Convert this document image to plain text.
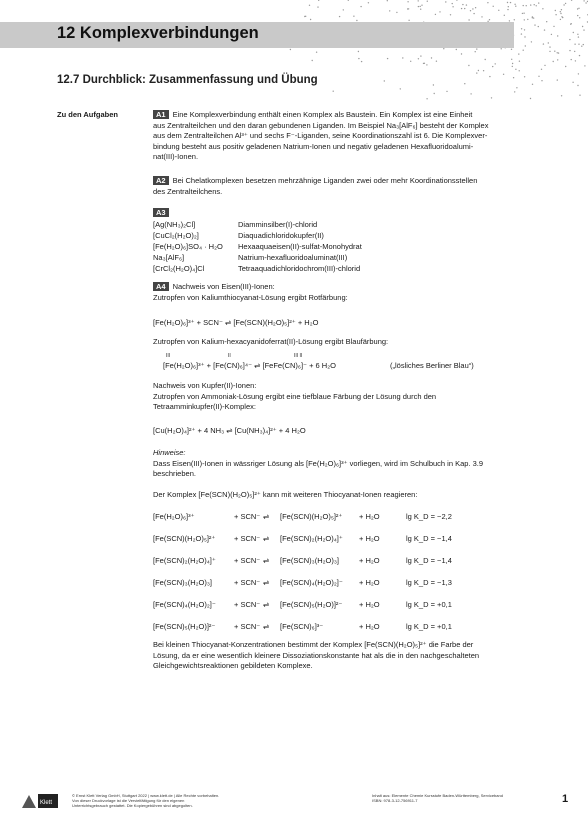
12 Komplexverbindungen
12.7 Durchblick: Zusammenfassung und Übung
Zu den Aufgaben	A1 Eine Komplexverbindung enthält einen Komplex als Baustein. Ein Komplex ist eine Einheit
aus Zentralteilchen und den daran gebundenen Liganden. Im Beispiel Na₃[AlF₆] besteht der Komplex
aus dem Zentralteilchen Al³⁺ und sechs F⁻-Liganden, seine Koordinationszahl ist 6. Die Komplexver-
bindung besteht aus positiv geladenen Natrium-Ionen und negativ geladenen Hexafluoridoalumi-
nat(III)-Ionen.
A2 Bei Chelatkomplexen besetzen mehrzähnige Liganden zwei oder mehr Koordinationsstellen
des Zentralteilchens.
A3
[Ag(NH₃)₂Cl]	Diamminsilber(I)-chlorid
[CuCl₂(H₂O)₂]	Diaquadichloridokupfer(II)
[Fe(H₂O)₆]SO₄ · H₂O Hexaaquaeisen(II)-sulfat-Monohydrat
Na₃[AlF₆]	Natrium-hexafluoridoaluminat(III)
[CrCl₂(H₂O)₄]Cl	Tetraaquadichloridochrom(III)-chlorid
A4 Nachweis von Eisen(III)-Ionen:
Zutropfen von Kaliumthiocyanat-Lösung ergibt Rotfärbung:
[Fe(H₂O)₆]³⁺ + SCN⁻ ⇌ [Fe(SCN)(H₂O)₅]²⁺ + H₂O
Zutropfen von Kalium-hexacyanidoferrat(II)-Lösung ergibt Blaufärbung:
III	II	III II
[Fe(H₂O)₆]³⁺ + [Fe(CN)₆]⁴⁻ ⇌ [FeFe(CN)₆]⁻ + 6 H₂O	(„lösliches Berliner Blau“)
Nachweis von Kupfer(II)-Ionen:
Zutropfen von Ammoniak-Lösung ergibt eine tiefblaue Färbung der Lösung durch den
Tetraamminkupfer(II)-Komplex:
[Cu(H₂O)₄]²⁺ + 4 NH₃ ⇌ [Cu(NH₃)₄]²⁺ + 4 H₂O
Hinweise:
Dass Eisen(III)-Ionen in wässriger Lösung als [Fe(H₂O)₆]³⁺ vorliegen, wird im Schulbuch in Kap. 3.9
beschrieben.
Der Komplex [Fe(SCN)(H₂O)₅]²⁺ kann mit weiteren Thiocyanat-Ionen reagieren:
[Fe(H₂O)₆]³⁺	+ SCN⁻ ⇌ [Fe(SCN)(H₂O)₅]²⁺ + H₂O	lg K_D = −2,2
[Fe(SCN)(H₂O)₅]²⁺ + SCN⁻ ⇌ [Fe(SCN)₂(H₂O)₄]⁺ + H₂O	lg K_D = −1,4
[Fe(SCN)₂(H₂O)₄]⁺ + SCN⁻ ⇌ [Fe(SCN)₃(H₂O)₃]	+ H₂O	lg K_D = −1,4
[Fe(SCN)₃(H₂O)₃]	+ SCN⁻ ⇌ [Fe(SCN)₄(H₂O)₂]⁻ + H₂O	lg K_D = −1,3
[Fe(SCN)₄(H₂O)₂]⁻ + SCN⁻ ⇌ [Fe(SCN)₅(H₂O)]²⁻ + H₂O	lg K_D = +0,1
[Fe(SCN)₅(H₂O)]²⁻ + SCN⁻ ⇌ [Fe(SCN)₆]³⁻	+ H₂O	lg K_D = +0,1
Bei kleinen Thiocyanat-Konzentrationen bestimmt der Komplex [Fe(SCN)(H₂O)₅]²⁺ die Farbe der
Lösung, da er eine wesentlich kleinere Dissoziationskonstante hat als die in den nachgeschalteten
Gleichgewichtsreaktionen gebildeten Komplexe.
Klett
© Ernst Klett Verlag GmbH, Stuttgart 2022 | www.klett.de | Alle Rechte vorbehalten.
Von dieser Druckvorlage ist die Vervielfältigung für den eigenen
Unterrichtsgebrauch gestattet. Die Kopiergebühren sind abgegolten.
Inhalt aus: Elemente Chemie Kursstufe Baden-Württemberg, Serviceband
ISBN: 978-3-12-756911-7	1
